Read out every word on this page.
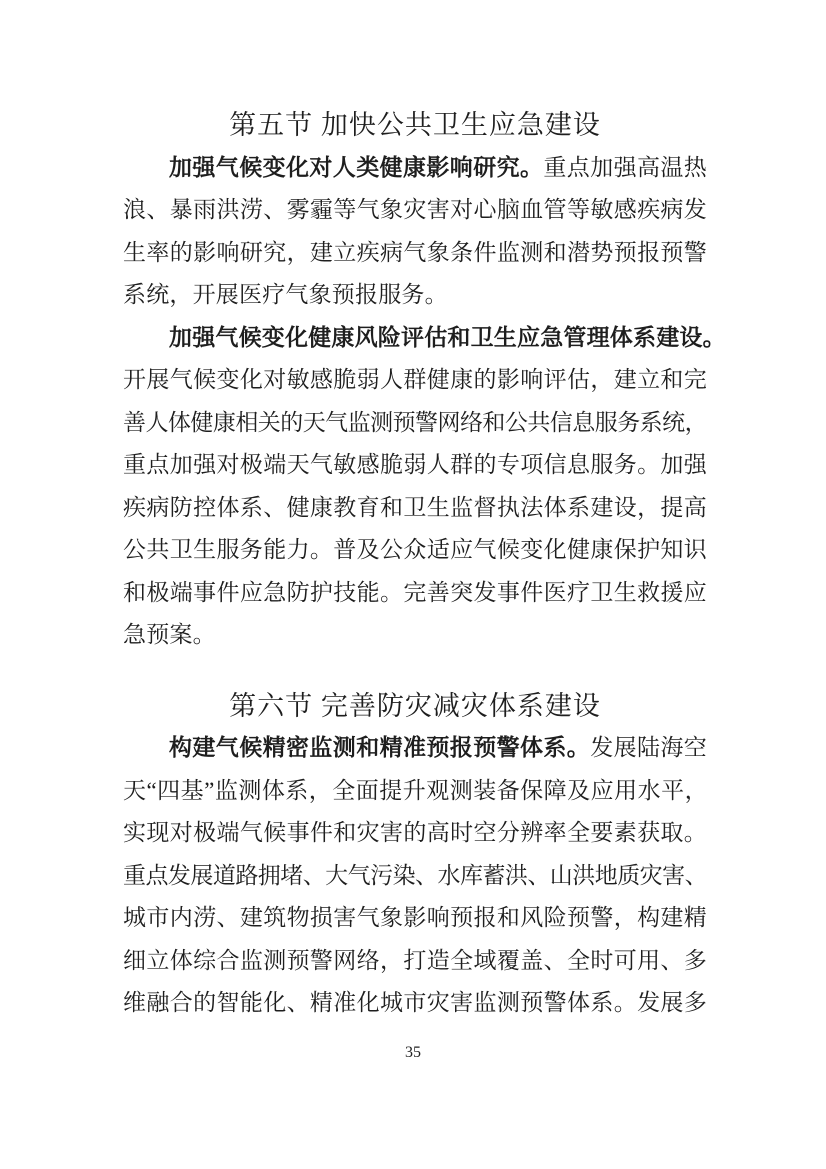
第五节 加快公共卫生应急建设
加强气候变化对人类健康影响研究。重点加强高温热
浪、暴雨洪涝、雾霾等气象灾害对心脑血管等敏感疾病发
生率的影响研究，建立疾病气象条件监测和潜势预报预警
系统，开展医疗气象预报服务。
加强气候变化健康风险评估和卫生应急管理体系建设。
开展气候变化对敏感脆弱人群健康的影响评估，建立和完
善人体健康相关的天气监测预警网络和公共信息服务系统，
重点加强对极端天气敏感脆弱人群的专项信息服务。加强
疾病防控体系、健康教育和卫生监督执法体系建设，提高
公共卫生服务能力。普及公众适应气候变化健康保护知识
和极端事件应急防护技能。完善突发事件医疗卫生救援应
急预案。
第六节 完善防灾减灾体系建设
构建气候精密监测和精准预报预警体系。发展陆海空
天“四基”监测体系，全面提升观测装备保障及应用水平，
实现对极端气候事件和灾害的高时空分辨率全要素获取。
重点发展道路拥堵、大气污染、水库蓄洪、山洪地质灾害、
城市内涝、建筑物损害气象影响预报和风险预警，构建精
细立体综合监测预警网络，打造全域覆盖、全时可用、多
维融合的智能化、精准化城市灾害监测预警体系。发展多
35
